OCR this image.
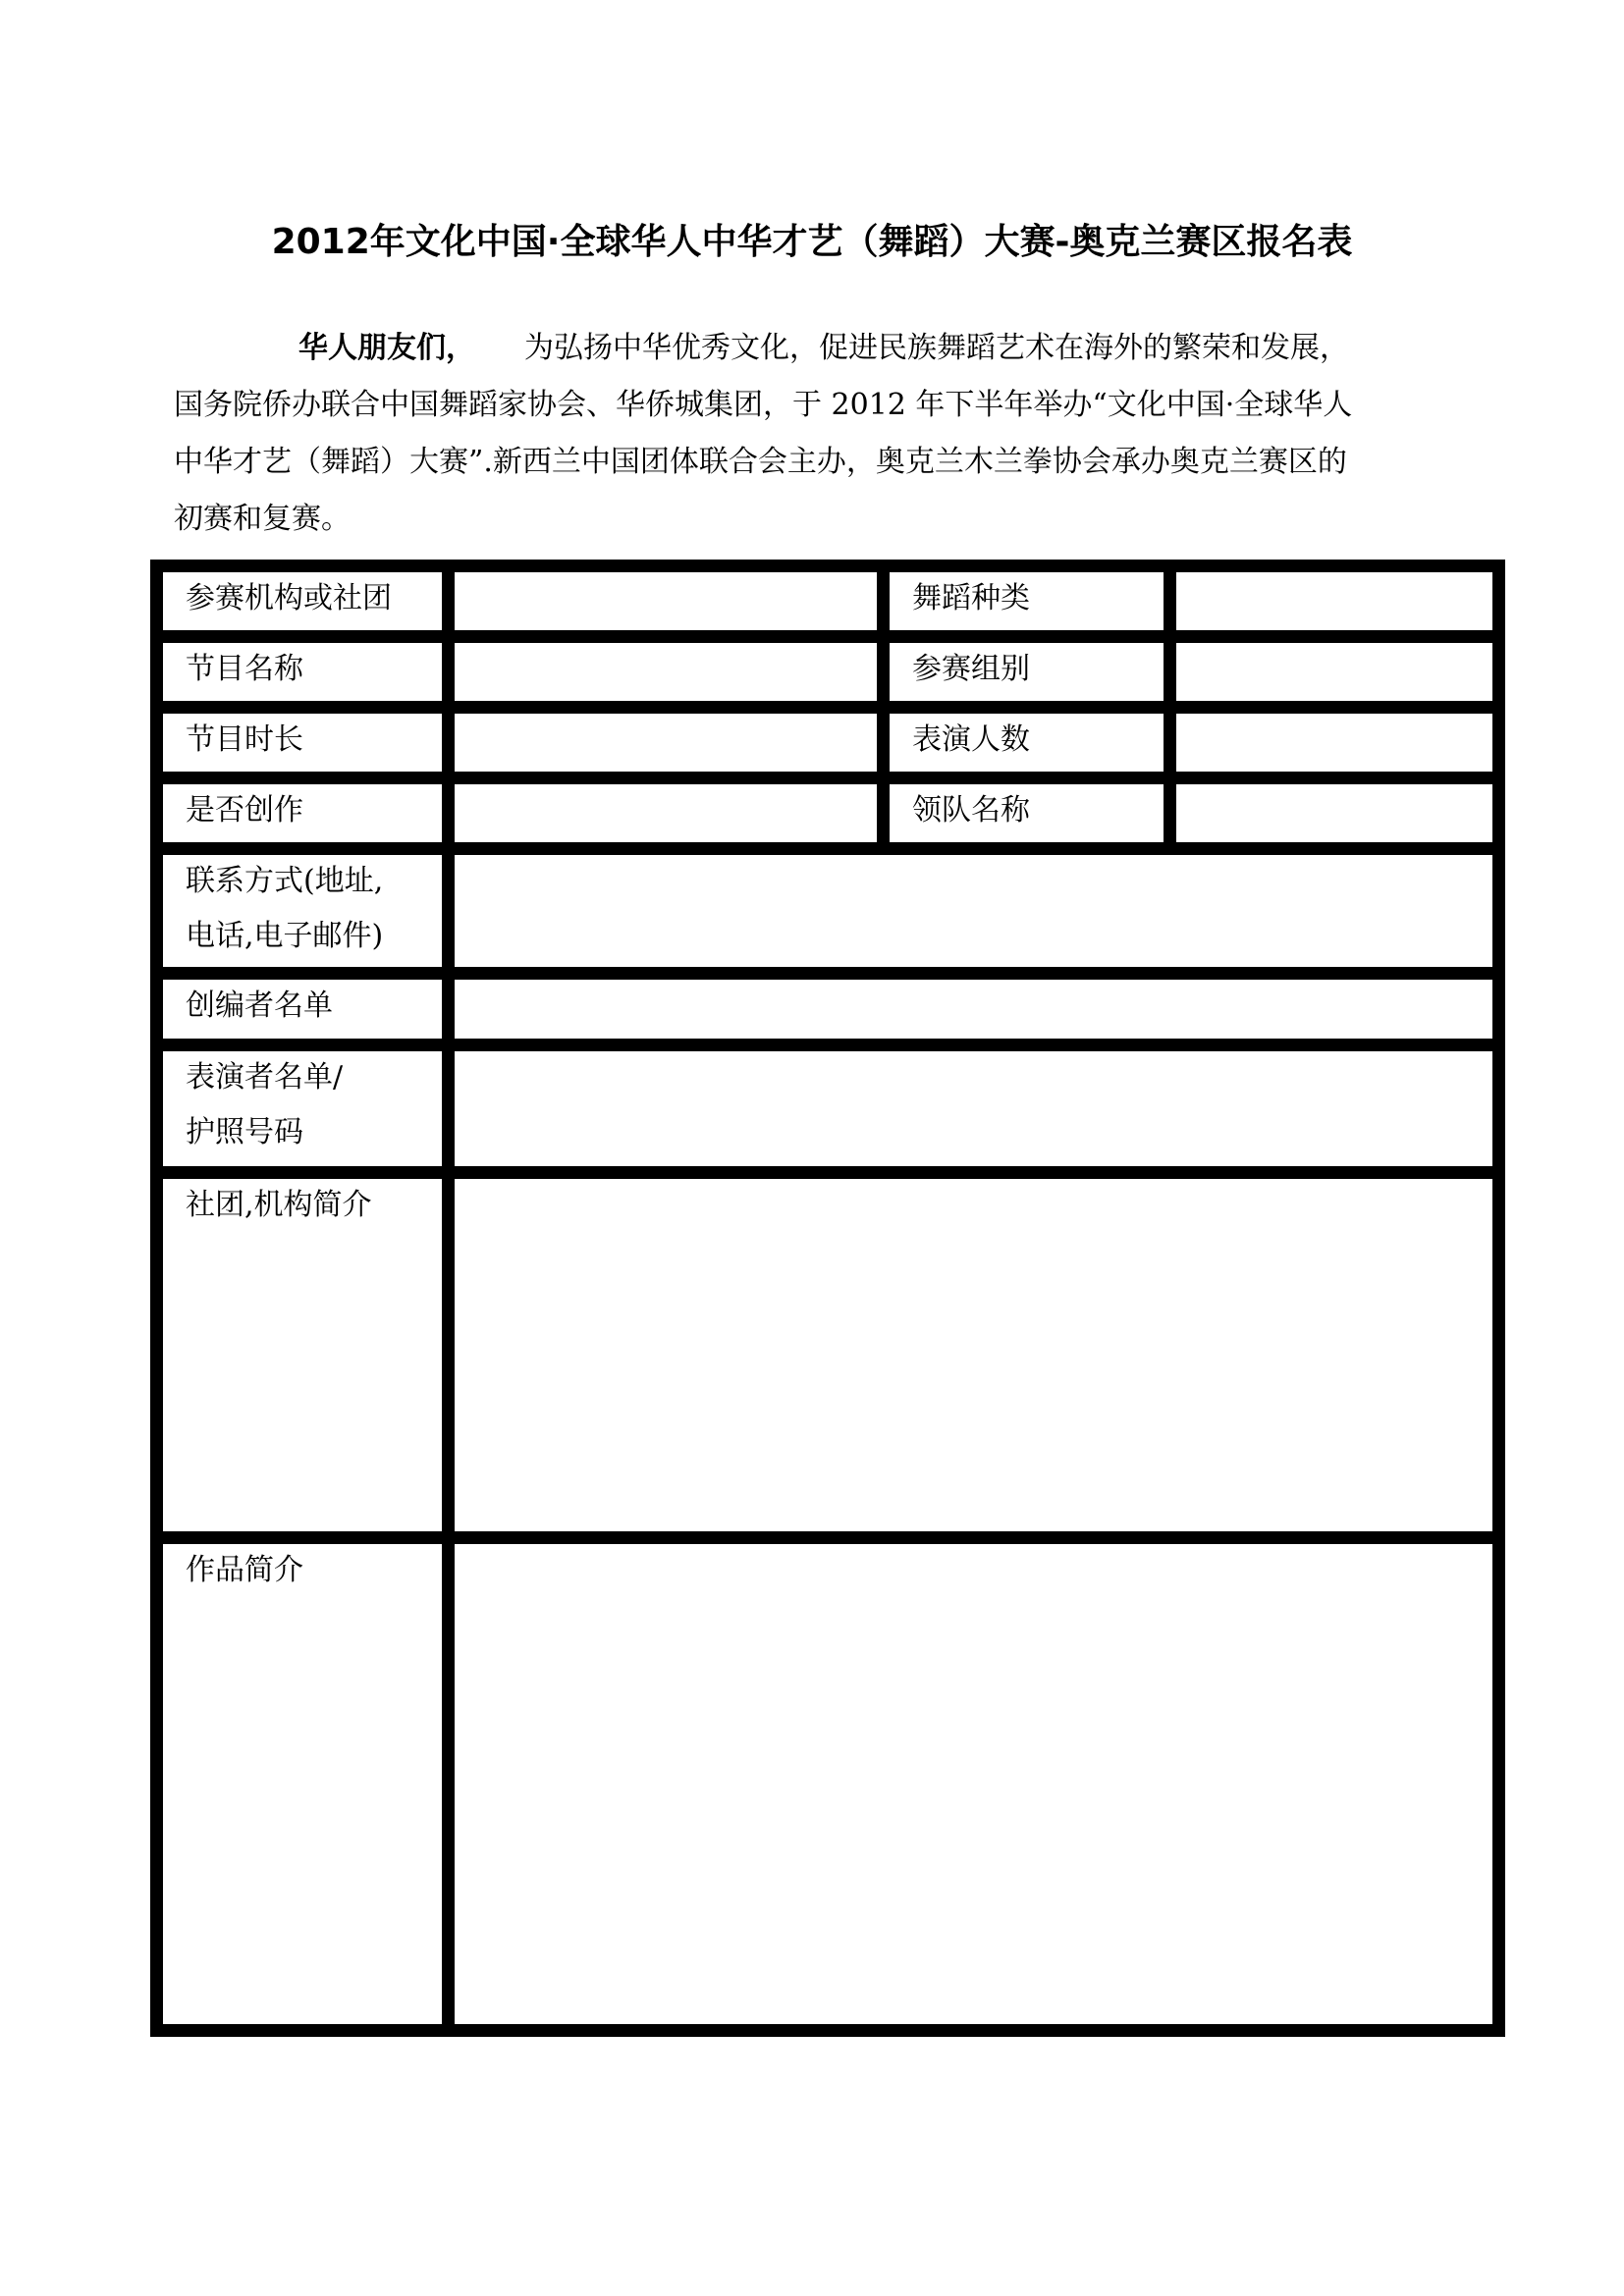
2012年文化中国·全球华人中华才艺（舞蹈）大赛-奥克兰赛区报名表
华人朋友们， 为弘扬中华优秀文化，促进民族舞蹈艺术在海外的繁荣和发展，
国务院侨办联合中国舞蹈家协会、华侨城集团，于 2012 年下半年举办“文化中国·全球华人
中华才艺（舞蹈）大赛”.新西兰中国团体联合会主办，奥克兰木兰拳协会承办奥克兰赛区的
初赛和复赛。
参赛机构或社团	舞蹈种类
节目名称	参赛组别
节目时长	表演人数
是否创作	领队名称
联系方式(地址,
电话,电子邮件)
创编者名单
表演者名单/
护照号码
社团,机构简介
作品简介
